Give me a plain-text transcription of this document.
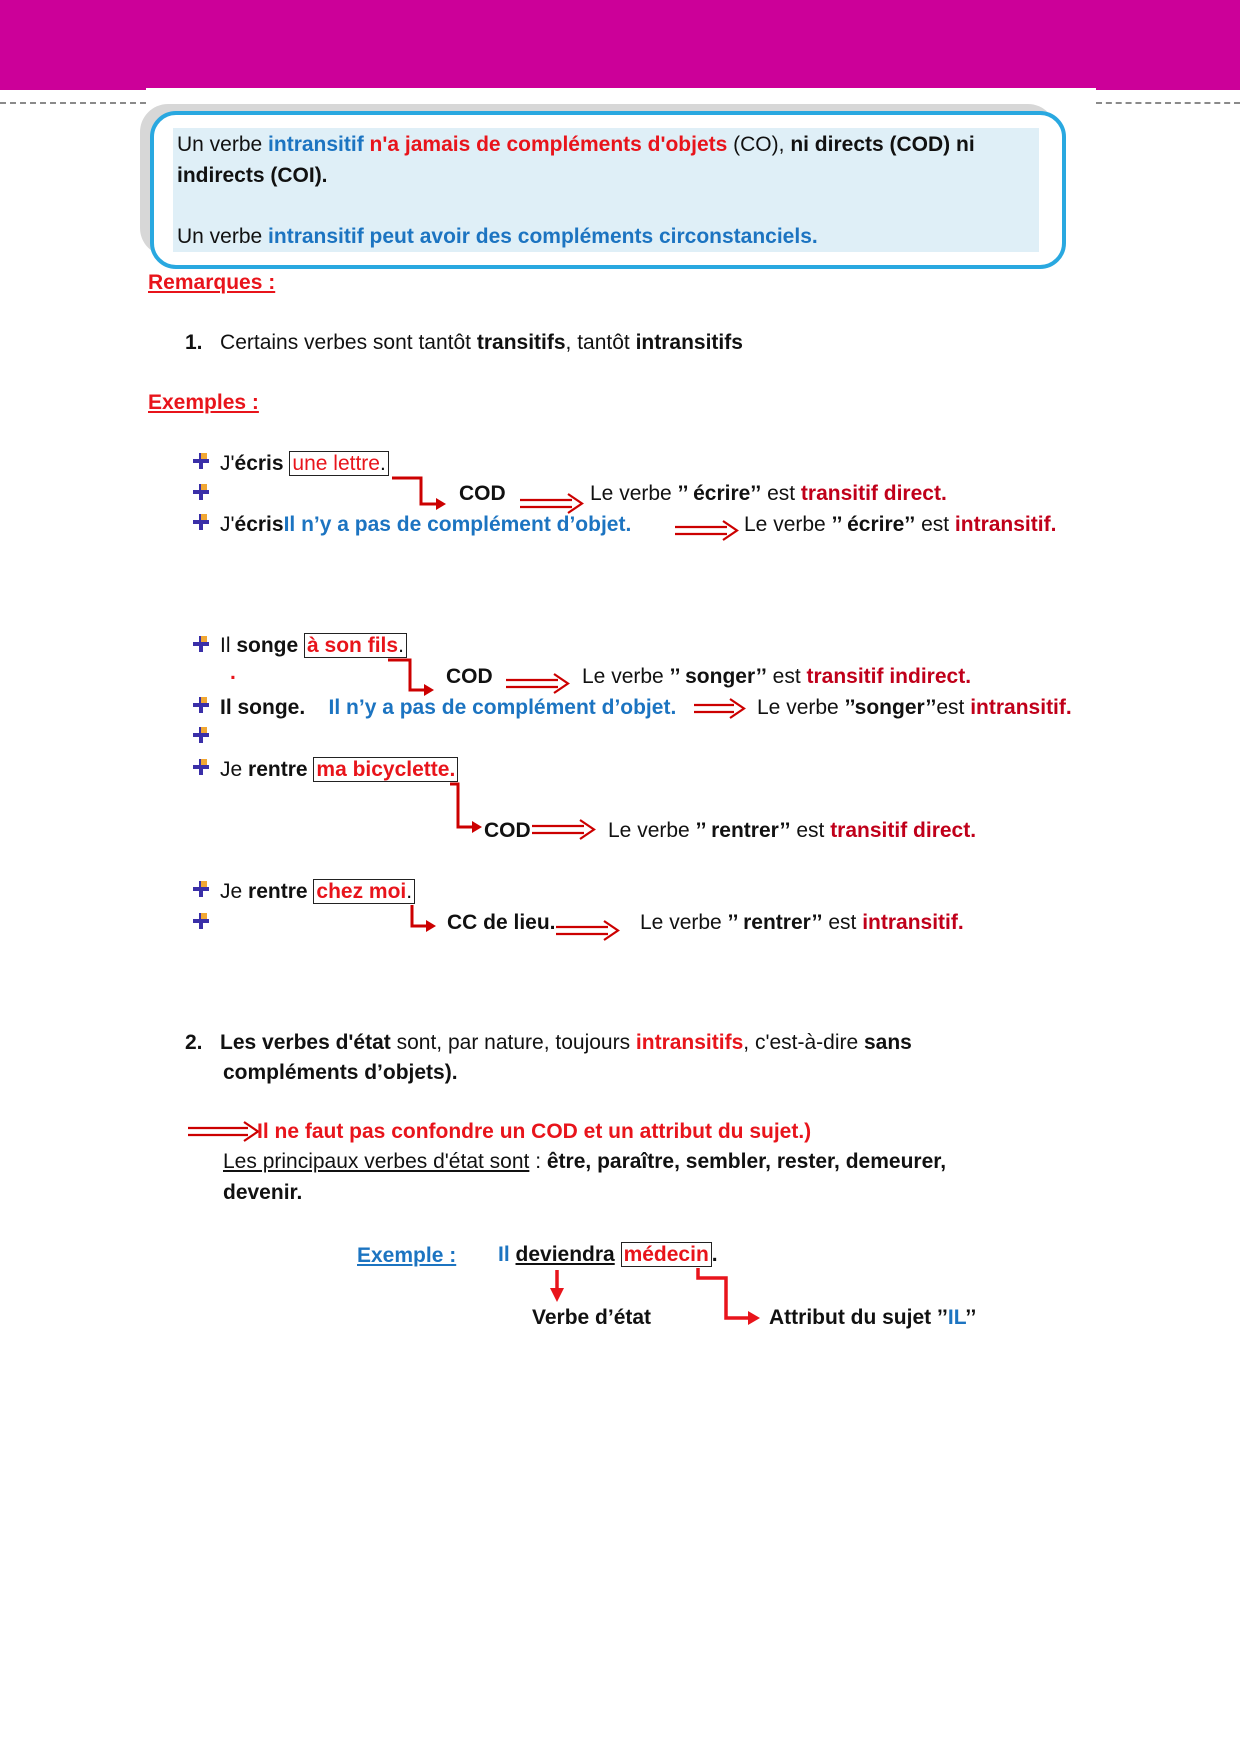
Un verbe intransitif n'a jamais de compléments d'objets (CO), ni directs (COD) ni
indirects (COI).
Un verbe intransitif peut avoir des compléments circonstanciels.
Remarques :
1. Certains verbes sont tantôt transitifs, tantôt intransitifs
Exemples :
J'écris une lettre.
COD	Le verbe ’’ écrire’’ est transitif direct.
J'écrisIl n’y a pas de complément d’objet.	Le verbe ’’ écrire’’ est intransitif.
Il songe à son fils.
.	COD	Le verbe ’’ songer’’ est transitif indirect.
Il songe. Il n’y a pas de complément d’objet.	Le verbe ’’songer’’est intransitif.
Je rentre ma bicyclette.
COD	Le verbe ’’ rentrer’’ est transitif direct.
Je rentre chez moi.
CC de lieu.	Le verbe ’’ rentrer’’ est intransitif.
2. Les verbes d'état sont, par nature, toujours intransitifs, c'est-à-dire sans
compléments d’objets).
Il ne faut pas confondre un COD et un attribut du sujet.)
Les principaux verbes d'état sont : être, paraître, sembler, rester, demeurer,
devenir.
Exemple : Il deviendra médecin .
Verbe d’état	Attribut du sujet ’’IL’’
